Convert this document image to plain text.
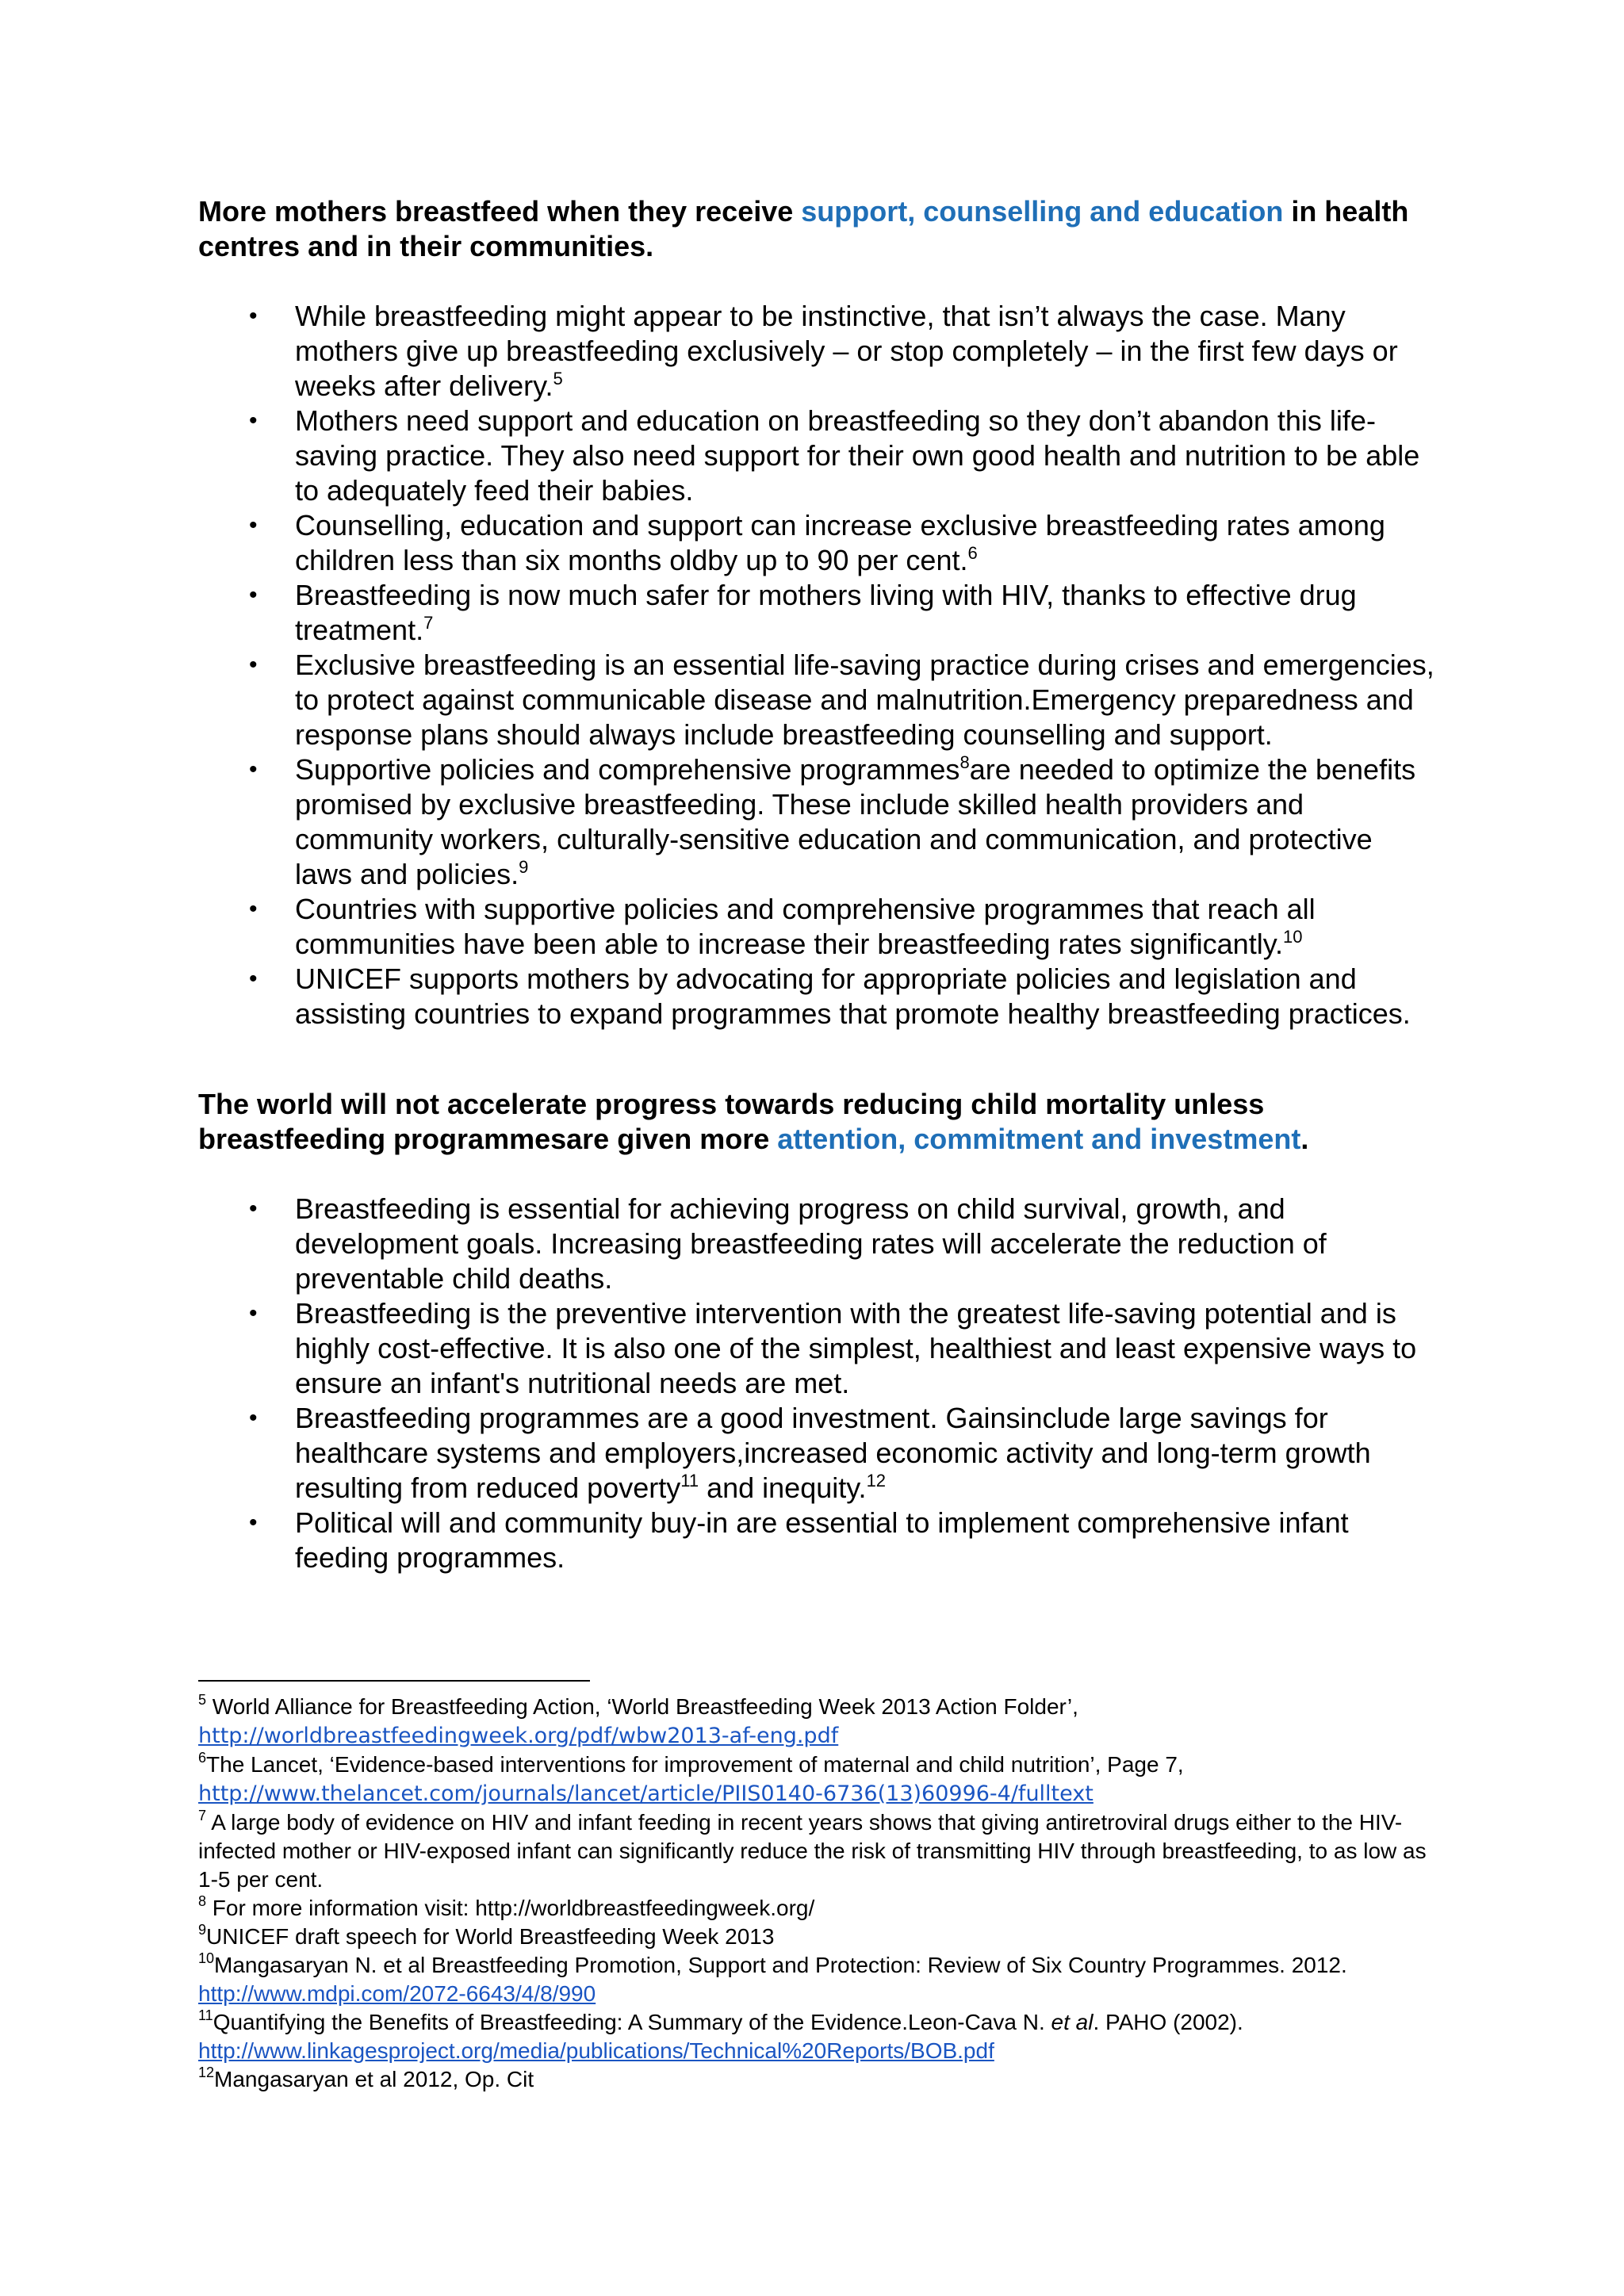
More mothers breastfeed when they receive support, counselling and education in health centres and in their communities.

• While breastfeeding might appear to be instinctive, that isn’t always the case. Many mothers give up breastfeeding exclusively – or stop completely – in the first few days or weeks after delivery.$^5$
• Mothers need support and education on breastfeeding so they don’t abandon this life-saving practice. They also need support for their own good health and nutrition to be able to adequately feed their babies.
• Counselling, education and support can increase exclusive breastfeeding rates among children less than six months oldby up to 90 per cent.$^6$
• Breastfeeding is now much safer for mothers living with HIV, thanks to effective drug treatment.$^7$
• Exclusive breastfeeding is an essential life-saving practice during crises and emergencies, to protect against communicable disease and malnutrition.Emergency preparedness and response plans should always include breastfeeding counselling and support.
• Supportive policies and comprehensive programmes$^8$are needed to optimize the benefits promised by exclusive breastfeeding. These include skilled health providers and community workers, culturally-sensitive education and communication, and protective laws and policies.$^9$
• Countries with supportive policies and comprehensive programmes that reach all communities have been able to increase their breastfeeding rates significantly.$^{10}$
• UNICEF supports mothers by advocating for appropriate policies and legislation and assisting countries to expand programmes that promote healthy breastfeeding practices.

The world will not accelerate progress towards reducing child mortality unless breastfeeding programmesare given more attention, commitment and investment.

• Breastfeeding is essential for achieving progress on child survival, growth, and development goals. Increasing breastfeeding rates will accelerate the reduction of preventable child deaths.
• Breastfeeding is the preventive intervention with the greatest life-saving potential and is highly cost-effective. It is also one of the simplest, healthiest and least expensive ways to ensure an infant's nutritional needs are met.
• Breastfeeding programmes are a good investment. Gainsinclude large savings for healthcare systems and employers,increased economic activity and long-term growth resulting from reduced poverty$^{11}$ and inequity.$^{12}$
• Political will and community buy-in are essential to implement comprehensive infant feeding programmes.

$^5$ World Alliance for Breastfeeding Action, ‘World Breastfeeding Week 2013 Action Folder’,
http://worldbreastfeedingweek.org/pdf/wbw2013-af-eng.pdf

$^6$The Lancet, ‘Evidence-based interventions for improvement of maternal and child nutrition’, Page 7,
http://www.thelancet.com/journals/lancet/article/PIIS0140-6736(13)60996-4/fulltext

$^7$ A large body of evidence on HIV and infant feeding in recent years shows that giving antiretroviral drugs either to the HIV-infected mother or HIV-exposed infant can significantly reduce the risk of transmitting HIV through breastfeeding, to as low as 1-5 per cent.

$^8$ For more information visit: http://worldbreastfeedingweek.org/

$^9$UNICEF draft speech for World Breastfeeding Week 2013

$^{10}$Mangasaryan N. et al Breastfeeding Promotion, Support and Protection: Review of Six Country Programmes. 2012. http://www.mdpi.com/2072-6643/4/8/990

$^{11}$Quantifying the Benefits of Breastfeeding: A Summary of the Evidence.Leon-Cava N. et al. PAHO (2002).
http://www.linkagesproject.org/media/publications/Technical%20Reports/BOB.pdf

$^{12}$Mangasaryan et al 2012, Op. Cit
